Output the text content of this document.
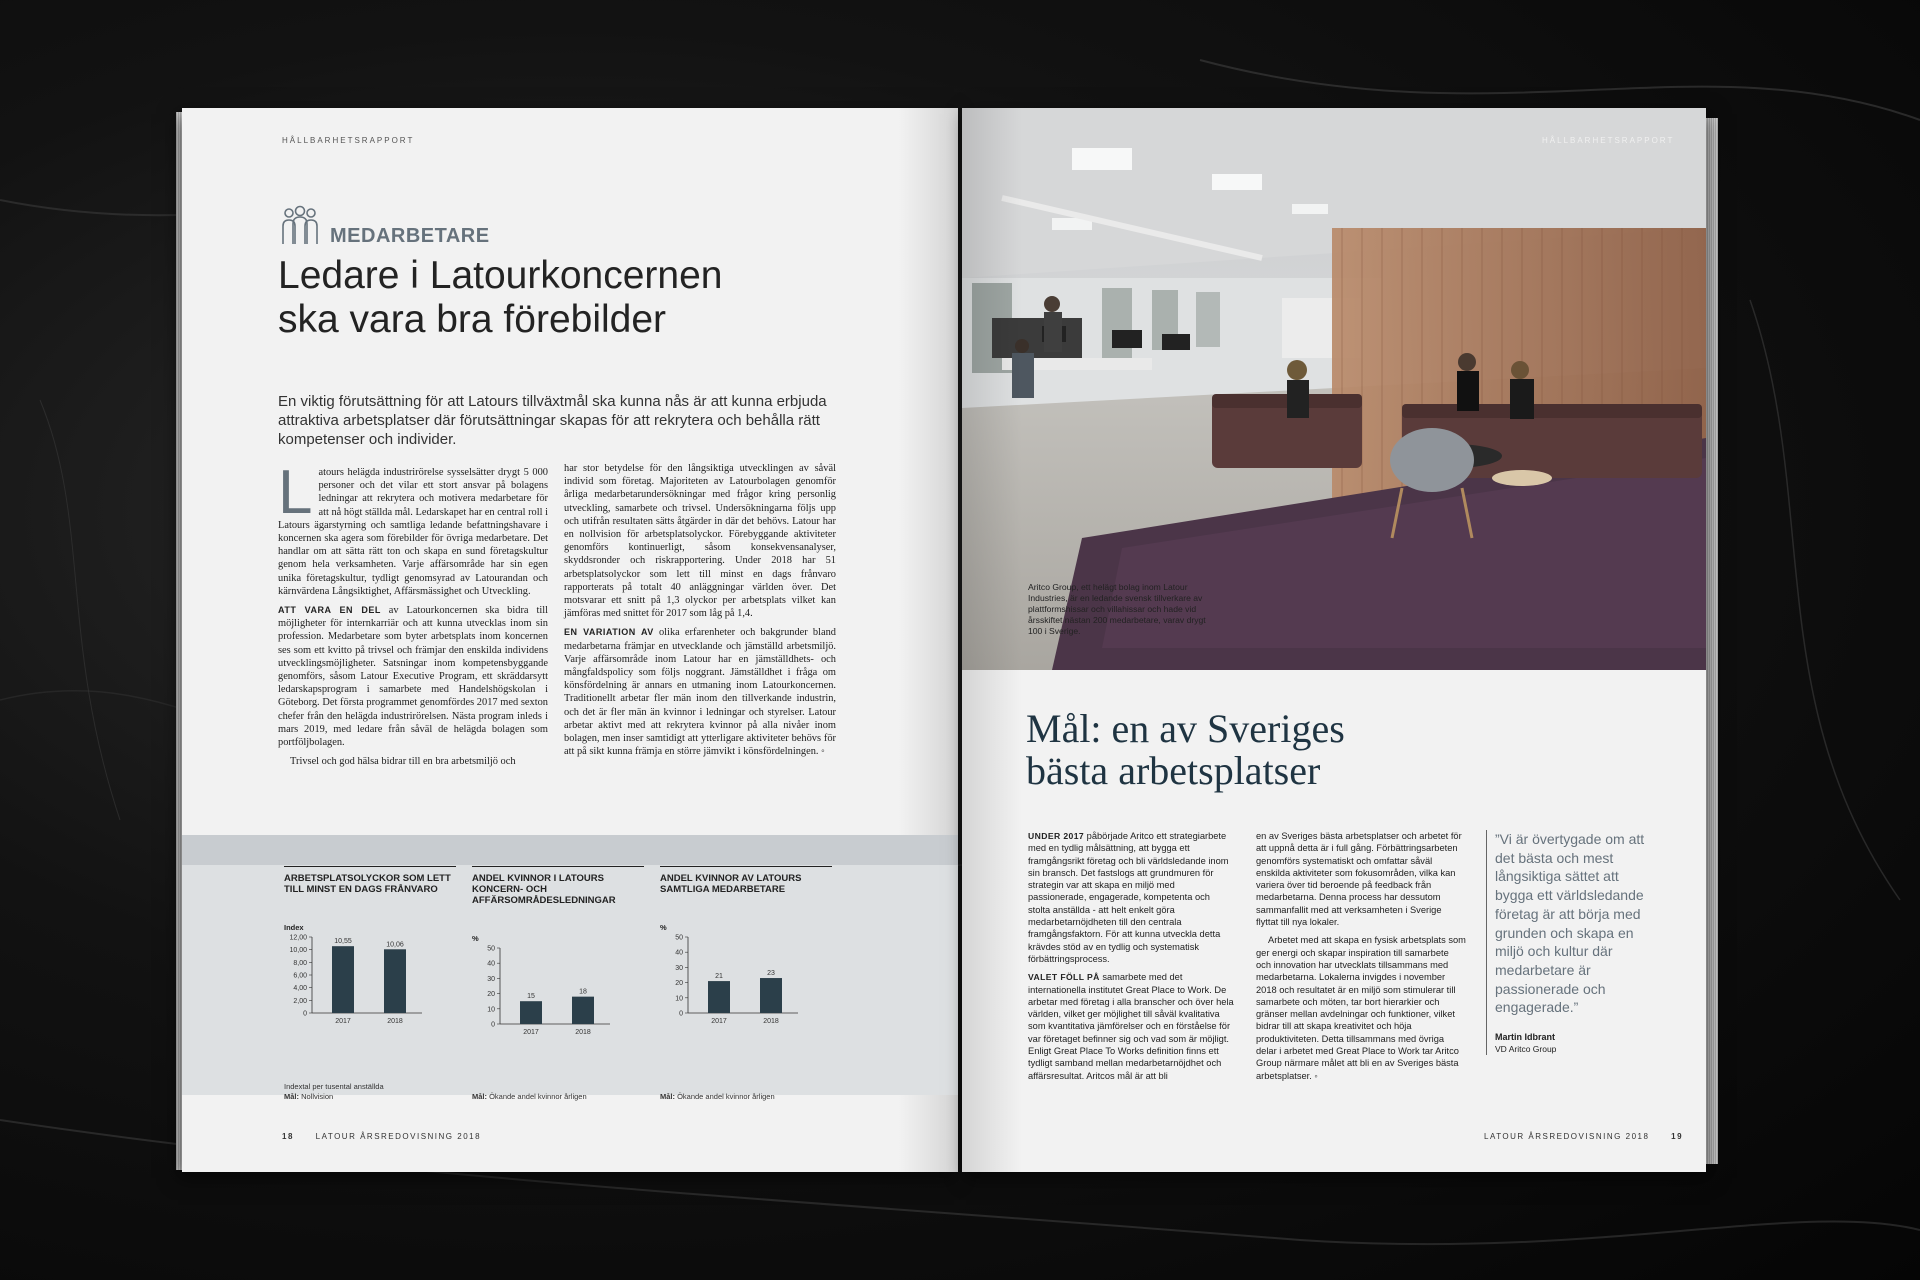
HÅLLBARHETSRAPPORT
MEDARBETARE
Ledare i Latourkoncernen
ska vara bra förebilder
En viktig förutsättning för att Latours tillväxtmål ska kunna nås är att kunna erbjuda attraktiva arbetsplatser där förutsättningar skapas för att rekrytera och behålla rätt kompetenser och individer.

Latours helägda industrirörelse sysselsätter drygt 5 000 personer och det vilar ett stort ansvar på bolagens ledningar att rekrytera och motivera medarbetare för att nå högt ställda mål. Ledarskapet har en central roll i Latours ägarstyrning och samtliga ledande befattningshavare i koncernen ska agera som förebilder för övriga medarbetare. Det handlar om att sätta rätt ton och skapa en sund företagskultur genom hela verksamheten. Varje affärsområde har sin egen unika företagskultur, tydligt genomsyrad av Latourandan och kärnvärdena Långsiktighet, Affärsmässighet och Utveckling.

ATT VARA EN DEL av Latourkoncernen ska bidra till möjligheter för internkarriär och att kunna utvecklas inom sin profession. Medarbetare som byter arbetsplats inom koncernen ses som ett kvitto på trivsel och främjar den enskilda individens utvecklingsmöjligheter. Satsningar inom kompetensbyggande genomförs, såsom Latour Executive Program, ett skräddarsytt ledarskapsprogram i samarbete med Handelshögskolan i Göteborg. Det första programmet genomfördes 2017 med sexton chefer från den helägda industrirörelsen. Nästa program inleds i mars 2019, med ledare från såväl de helägda bolagen som portföljbolagen.

Trivsel och god hälsa bidrar till en bra arbetsmiljö och

har stor betydelse för den långsiktiga utvecklingen av såväl individ som företag. Majoriteten av Latourbolagen genomför årliga medarbetarundersökningar med frågor kring personlig utveckling, samarbete och trivsel. Undersökningarna följs upp och utifrån resultaten sätts åtgärder in där det behövs. Latour har en nollvision för arbetsplatsolyckor. Förebyggande aktiviteter genomförs kontinuerligt, såsom konsekvensanalyser, skyddsronder och riskrapportering. Under 2018 har 51 arbetsplatsolyckor som lett till minst en dags frånvaro rapporterats på totalt 40 anläggningar världen över. Det motsvarar ett snitt på 1,3 olyckor per arbetsplats vilket kan jämföras med snittet för 2017 som låg på 1,4.

EN VARIATION AV olika erfarenheter och bakgrunder bland medarbetarna främjar en utvecklande och jämställd arbetsmiljö. Varje affärsområde inom Latour har en jämställdhets- och mångfaldspolicy som följs noggrant. Jämställdhet i fråga om könsfördelning är annars en utmaning inom Latourkoncernen. Traditionellt arbetar fler män inom den tillverkande industrin, och det är fler män än kvinnor i ledningar och styrelser. Latour arbetar aktivt med att rekrytera kvinnor på alla nivåer inom bolagen, men inser samtidigt att ytterligare aktiviteter behövs för att på sikt kunna främja en större jämvikt i könsfördelningen. ◦

ARBETSPLATSOLYCKOR SOM LETT TILL MINST EN DAGS FRÅNVARO
Index
0
2,00
4,00
6,00
8,00
10,00
12,00
10,55
2017
10,06
2018
ANDEL KVINNOR I LATOURS KONCERN- OCH AFFÄRSOMRÅDESLEDNINGAR
%
0
10
20
30
40
50
15
2017
18
2018
ANDEL KVINNOR AV LATOURS SAMTLIGA MEDARBETARE
%
0
10
20
30
40
50
21
2017
23
2018
Indextal per tusental anställda
Mål: Nollvision	Mål: Ökande andel kvinnor årligen	Mål: Ökande andel kvinnor årligen
18	LATOUR ÅRSREDOVISNING 2018
HÅLLBARHETSRAPPORT
Aritco Group, ett helägt bolag inom Latour Industries, är en ledande svensk tillverkare av plattformshissar och villahissar och hade vid årsskiftet nästan 200 medarbetare, varav drygt 100 i Sverige.
Mål: en av Sveriges
bästa arbetsplatser

UNDER 2017 påbörjade Aritco ett strategiarbete med en tydlig målsättning, att bygga ett framgångsrikt företag och bli världsledande inom sin bransch. Det fastslogs att grundmuren för strategin var att skapa en miljö med passionerade, engagerade, kompetenta och stolta anställda - att helt enkelt göra medarbetarnöjdheten till den centrala framgångsfaktorn. För att kunna utveckla detta krävdes stöd av en tydlig och systematisk förbättringsprocess.

VALET FÖLL PÅ samarbete med det internationella institutet Great Place to Work. De arbetar med företag i alla branscher och över hela världen, vilket ger möjlighet till såväl kvalitativa som kvantitativa jämförelser och en förståelse för var företaget befinner sig och vad som är möjligt. Enligt Great Place To Works definition finns ett tydligt samband mellan medarbetarnöjdhet och affärsresultat. Aritcos mål är att bli

en av Sveriges bästa arbetsplatser och arbetet för att uppnå detta är i full gång. Förbättringsarbeten genomförs systematiskt och omfattar såväl enskilda aktiviteter som fokusområden, vilka kan variera över tid beroende på feedback från medarbetarna. Denna process har dessutom sammanfallit med att verksamheten i Sverige flyttat till nya lokaler.

Arbetet med att skapa en fysisk arbetsplats som ger energi och skapar inspiration till samarbete och innovation har utvecklats tillsammans med medarbetarna. Lokalerna invigdes i november 2018 och resultatet är en miljö som stimulerar till samarbete och möten, tar bort hierarkier och gränser mellan avdelningar och funktioner, vilket bidrar till att skapa kreativitet och höja produktiviteten. Detta tillsammans med övriga delar i arbetet med Great Place to Work tar Aritco Group närmare målet att bli en av Sveriges bästa arbetsplatser. ◦

”Vi är övertygade om att det bästa och mest långsiktiga sättet att bygga ett världsledande företag är att börja med grunden och skapa en miljö och kultur där medarbetare är passionerade och engagerade.”
Martin Idbrant
VD Aritco Group
LATOUR ÅRSREDOVISNING 2018	19
